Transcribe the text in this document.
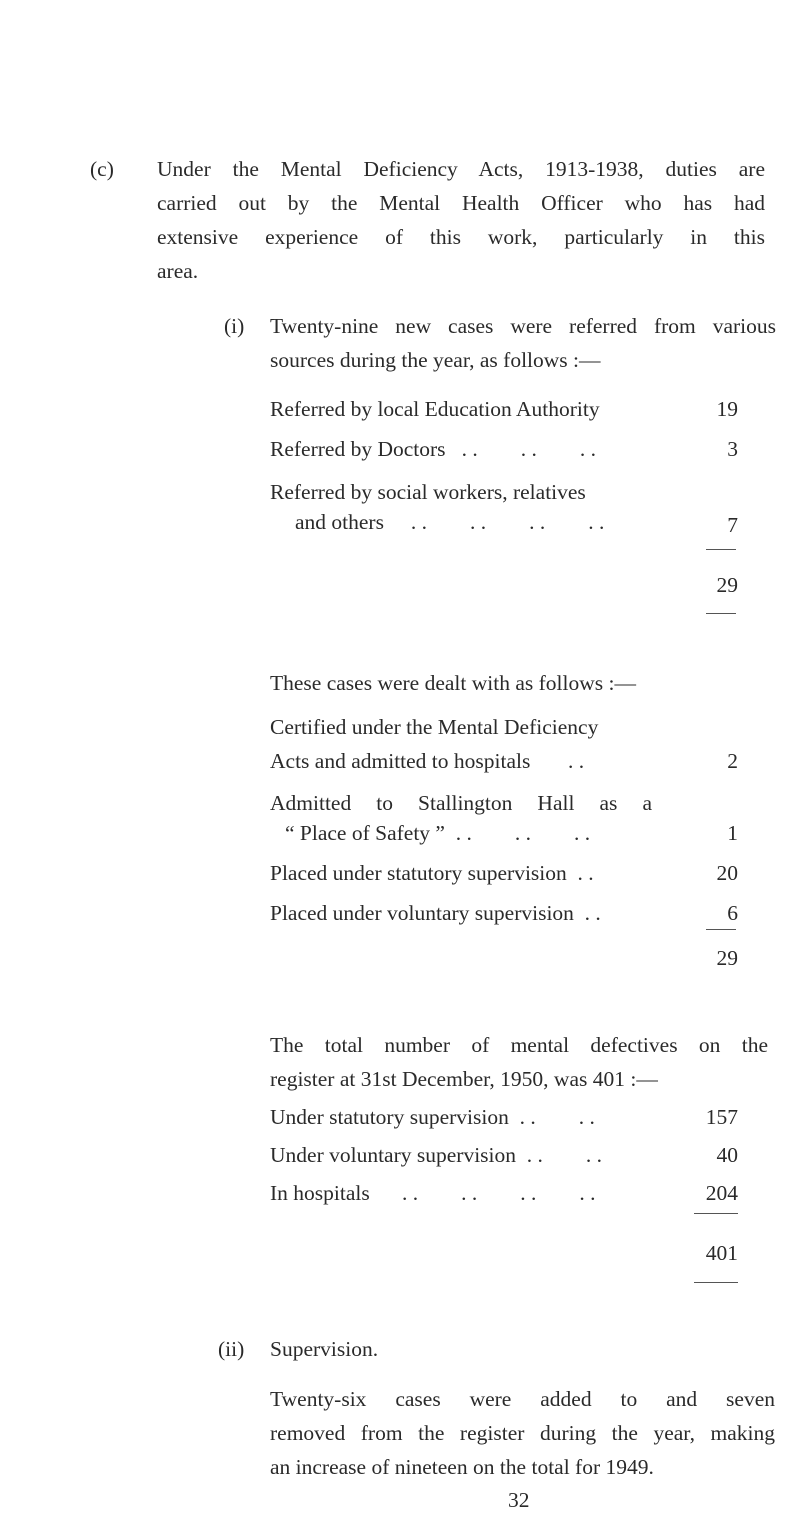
(c) Under the Mental Deficiency Acts, 1913-1938, duties are
carried out by the Mental Health Officer who has had
extensive experience of this work, particularly in this
area.
(i) Twenty-nine new cases were referred from various
sources during the year, as follows :—
Referred by local Education Authority	19
Referred by Doctors   . .        . .        . .	3
Referred by social workers, relatives
and others     . .        . .        . .        . .	7
29
These cases were dealt with as follows :—
Certified under the Mental Deficiency
Acts and admitted to hospitals       . .	2
Admitted to Stallington Hall as a
“ Place of Safety ”  . .        . .        . .	1
Placed under statutory supervision  . .	20
Placed under voluntary supervision  . .	6
29
The total number of mental defectives on the
register at 31st December, 1950, was 401 :—
Under statutory supervision  . .        . .	157
Under voluntary supervision  . .        . .	40
In hospitals      . .        . .        . .        . .	204
401
(ii) Supervision.
Twenty-six cases were added to and seven
removed from the register during the year, making
an increase of nineteen on the total for 1949.
32
